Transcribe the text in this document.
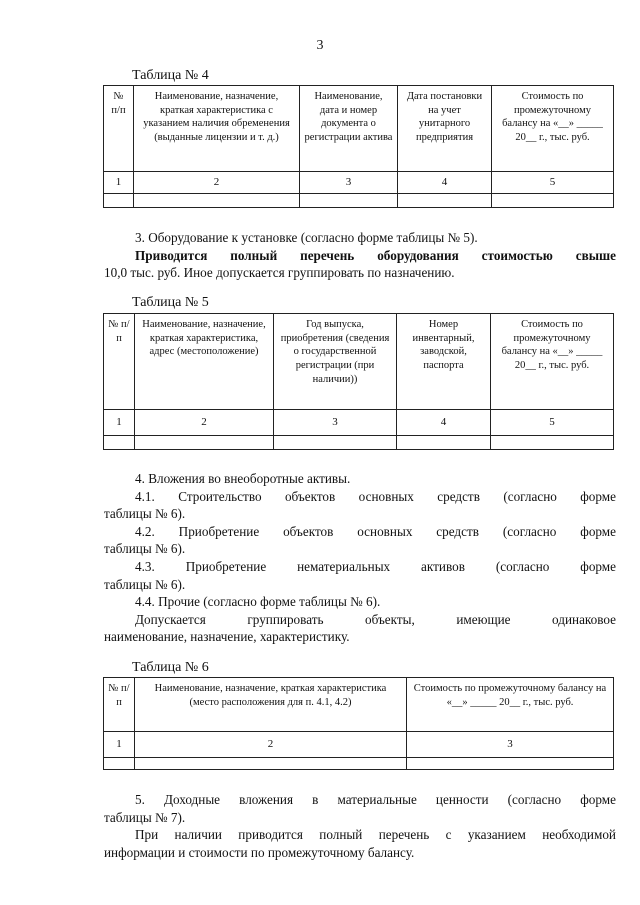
3
Таблица № 4
№ п/п	Наименование, назначение, краткая характеристика с указанием наличия обременения (выданные лицензии и т. д.)	Наименование, дата и номер документа о регистрации актива	Дата постановки на учет унитарного предприятия	Стоимость по промежуточному балансу на «__» _____ 20__ г., тыс. руб.
1	2	3	4	5

3. Оборудование к установке (согласно форме таблицы № 5).
Приводится полный перечень оборудования стоимостью свыше
10,0 тыс. руб. Иное допускается группировать по назначению.
Таблица № 5
№ п/п	Наименование, назначение, краткая характеристика, адрес (местоположение)	Год выпуска, приобретения (сведения о государственной регистрации (при наличии))	Номер инвентарный, заводской, паспорта	Стоимость по промежуточному балансу на «__» _____ 20__ г., тыс. руб.
1	2	3	4	5

4. Вложения во внеоборотные активы.
4.1. Строительство объектов основных средств (согласно форме
таблицы № 6).
4.2. Приобретение объектов основных средств (согласно форме
таблицы № 6).
4.3. Приобретение нематериальных активов (согласно форме
таблицы № 6).
4.4. Прочие (согласно форме таблицы № 6).
Допускается группировать объекты, имеющие одинаковое
наименование, назначение, характеристику.
Таблица № 6
№ п/п	Наименование, назначение, краткая характеристика (место расположения для п. 4.1, 4.2)	Стоимость по промежуточному балансу на «__» _____ 20__ г., тыс. руб.
1	2	3

5. Доходные вложения в материальные ценности (согласно форме
таблицы № 7).
При наличии приводится полный перечень с указанием необходимой
информации и стоимости по промежуточному балансу.
